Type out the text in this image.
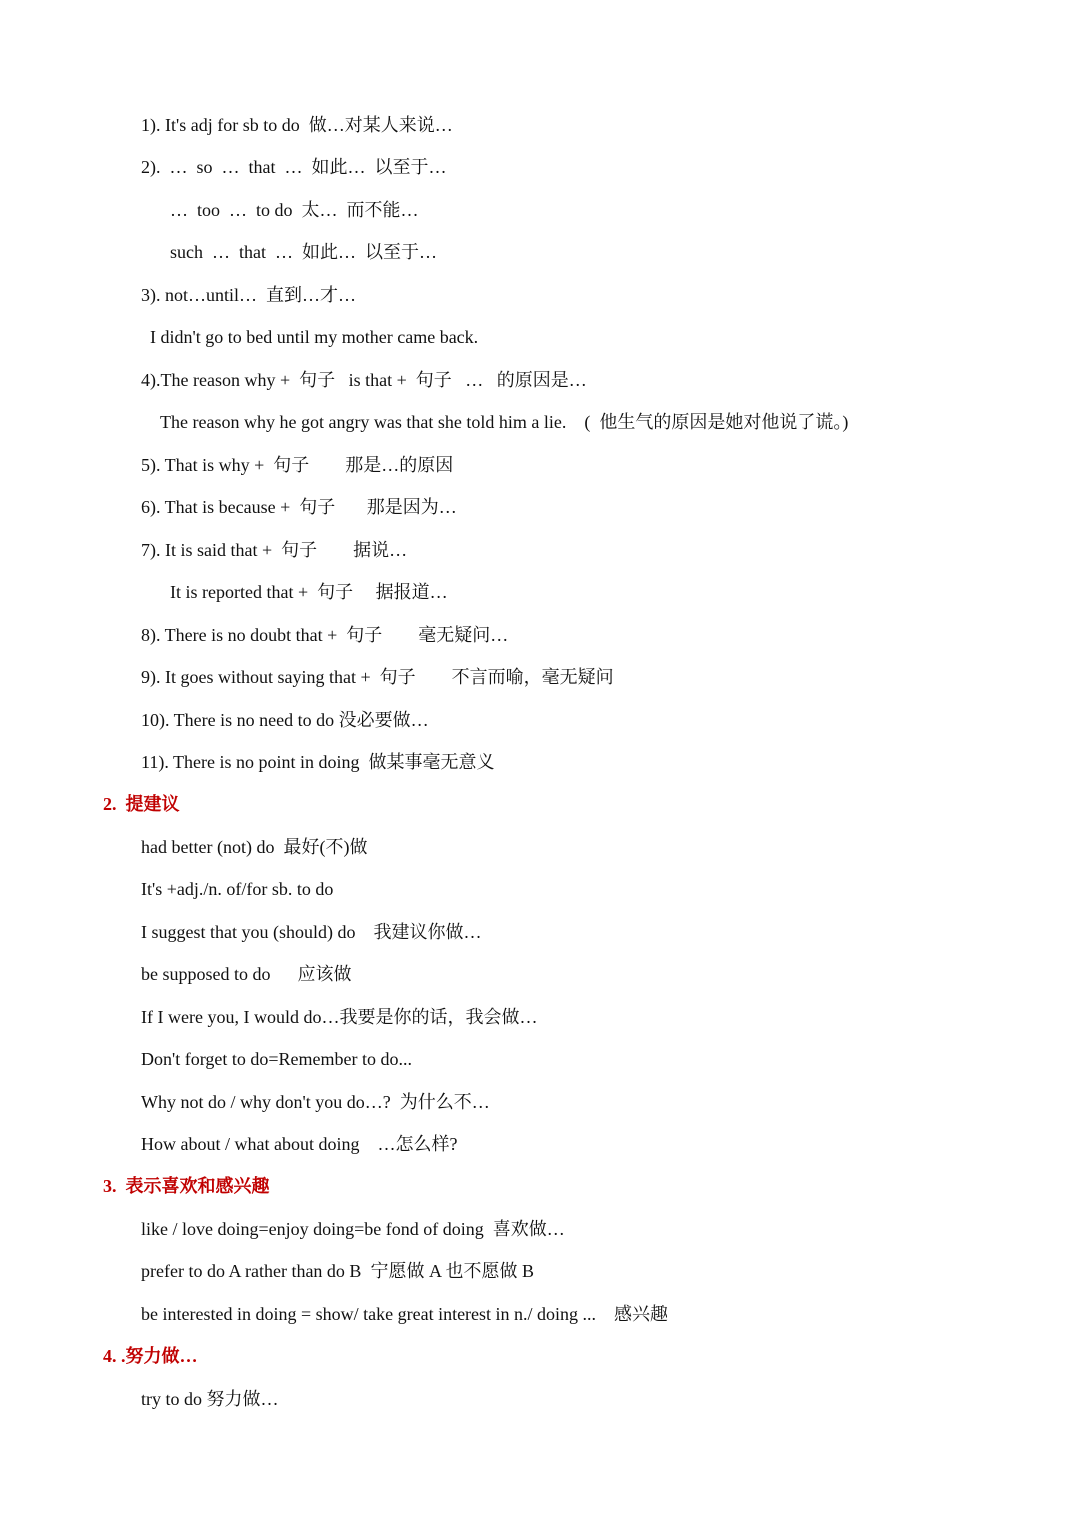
1). It's adj for sb to do  做…对某人来说…
2).  …  so  …  that  …  如此…  以至于…
…  too  …  to do  太…  而不能…
such  …  that  …  如此…  以至于…
3). not…until…  直到…才…
I didn't go to bed until my mother came back.
4).The reason why +  句子   is that +  句子   …   的原因是…
The reason why he got angry was that she told him a lie.    (  他生气的原因是她对他说了谎。)
5). That is why +  句子        那是…的原因
6). That is because +  句子       那是因为…
7). It is said that +  句子        据说…
It is reported that +  句子     据报道…
8). There is no doubt that +  句子        毫无疑问…
9). It goes without saying that +  句子        不言而喻，毫无疑问
10). There is no need to do 没必要做…
11). There is no point in doing  做某事毫无意义
2.  提建议
had better (not) do  最好(不)做
It's +adj./n. of/for sb. to do
I suggest that you (should) do    我建议你做…
be supposed to do      应该做
If I were you, I would do…我要是你的话，我会做…
Don't forget to do=Remember to do...
Why not do / why don't you do…?  为什么不…
How about / what about doing    …怎么样?
3.  表示喜欢和感兴趣
like / love doing=enjoy doing=be fond of doing  喜欢做…
prefer to do A rather than do B  宁愿做 A 也不愿做 B
be interested in doing = show/ take great interest in n./ doing ...    感兴趣
4. .努力做…
try to do 努力做…
